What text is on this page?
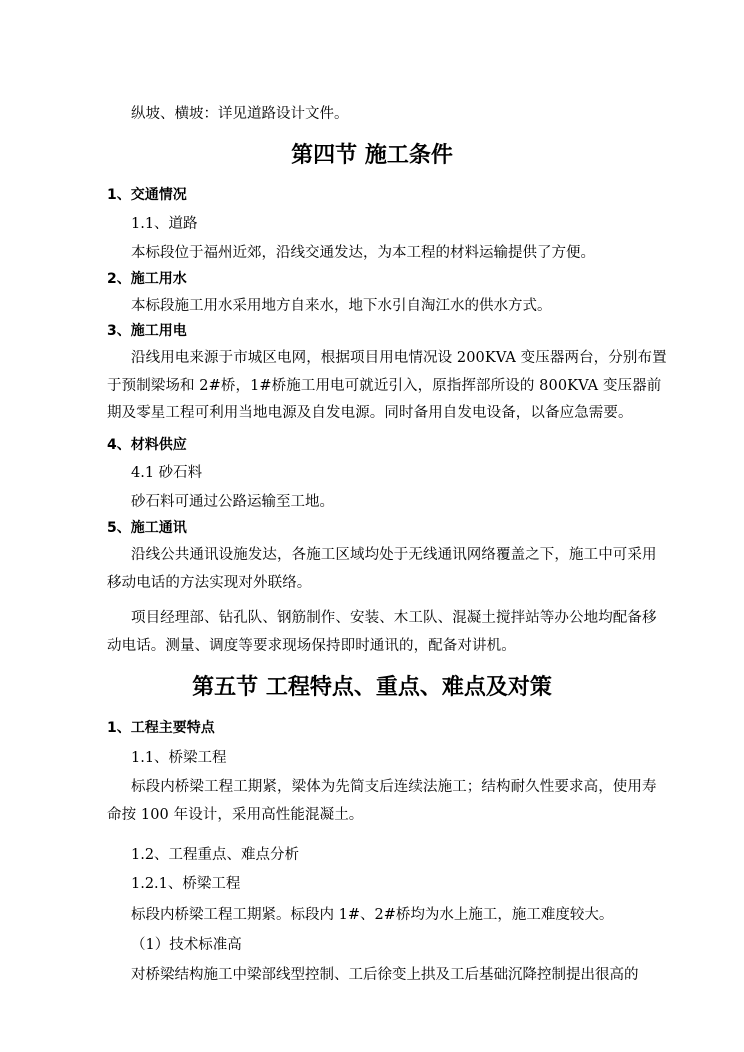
纵坡、横坡：详见道路设计文件。
第四节 施工条件
1、交通情况
1.1、道路
本标段位于福州近郊，沿线交通发达，为本工程的材料运输提供了方便。
2、施工用水
本标段施工用水采用地方自来水，地下水引自淘江水的供水方式。
3、施工用电
沿线用电来源于市城区电网，根据项目用电情况设 200KVA 变压器两台，分别布置于预制梁场和 2#桥，1#桥施工用电可就近引入，原指挥部所设的 800KVA 变压器前期及零星工程可利用当地电源及自发电源。同时备用自发电设备，以备应急需要。
4、材料供应
4.1 砂石料
砂石料可通过公路运输至工地。
5、施工通讯
沿线公共通讯设施发达，各施工区域均处于无线通讯网络覆盖之下，施工中可采用移动电话的方法实现对外联络。
项目经理部、钻孔队、钢筋制作、安装、木工队、混凝土搅拌站等办公地均配备移动电话。测量、调度等要求现场保持即时通讯的，配备对讲机。
第五节 工程特点、重点、难点及对策
1、工程主要特点
1.1、桥梁工程
标段内桥梁工程工期紧，梁体为先简支后连续法施工；结构耐久性要求高，使用寿命按 100 年设计，采用高性能混凝土。
1.2、工程重点、难点分析
1.2.1、桥梁工程
标段内桥梁工程工期紧。标段内 1#、2#桥均为水上施工，施工难度较大。
（1）技术标准高
对桥梁结构施工中梁部线型控制、工后徐变上拱及工后基础沉降控制提出很高的
